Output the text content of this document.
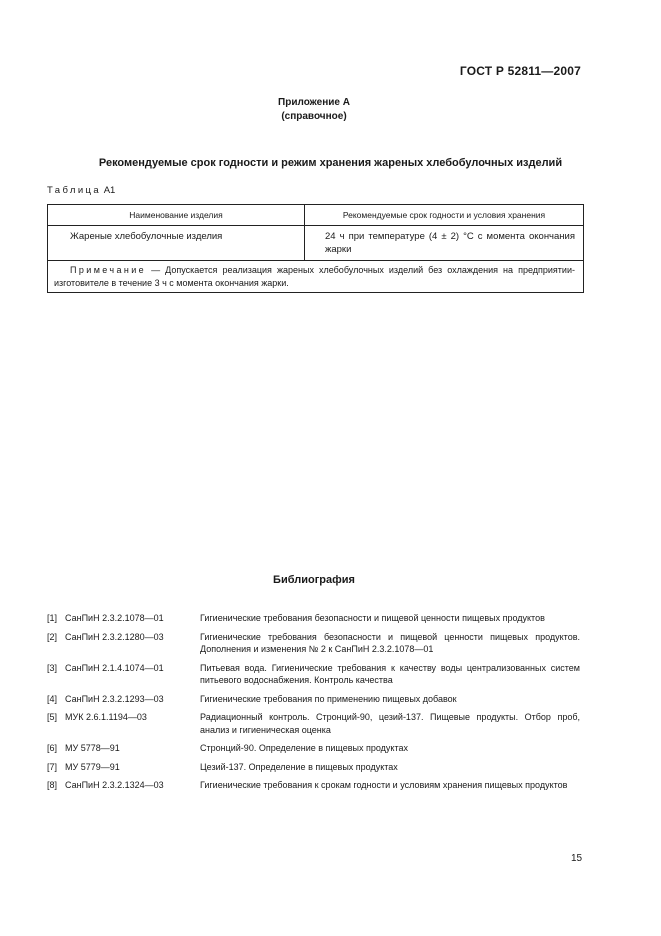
ГОСТ Р 52811—2007
Приложение А
(справочное)
Рекомендуемые срок годности и режим хранения жареных хлебобулочных изделий
Таблица А1
Наименование изделия	Рекомендуемые срок годности и условия хранения
Жареные хлебобулочные изделия	24 ч при температуре (4 ± 2) °С с момента окончания жарки
Примечание — Допускается реализация жареных хлебобулочных изделий без охлаждения на предприятии-изготовителе в течение 3 ч с момента окончания жарки.	
Библиография
[1] СанПиН 2.3.2.1078—01	Гигиенические требования безопасности и пищевой ценности пищевых продуктов
[2] СанПиН 2.3.2.1280—03	Гигиенические требования безопасности и пищевой ценности пищевых продуктов. Дополнения и изменения № 2 к СанПиН 2.3.2.1078—01
[3] СанПиН 2.1.4.1074—01	Питьевая вода. Гигиенические требования к качеству воды централизованных систем питьевого водоснабжения. Контроль качества
[4] СанПиН 2.3.2.1293—03	Гигиенические требования по применению пищевых добавок
[5] МУК 2.6.1.1194—03	Радиационный контроль. Стронций-90, цезий-137. Пищевые продукты. Отбор проб, анализ и гигиеническая оценка
[6] МУ 5778—91	Стронций-90. Определение в пищевых продуктах
[7] МУ 5779—91	Цезий-137. Определение в пищевых продуктах
[8] СанПиН 2.3.2.1324—03	Гигиенические требования к срокам годности и условиям хранения пищевых продуктов
15
